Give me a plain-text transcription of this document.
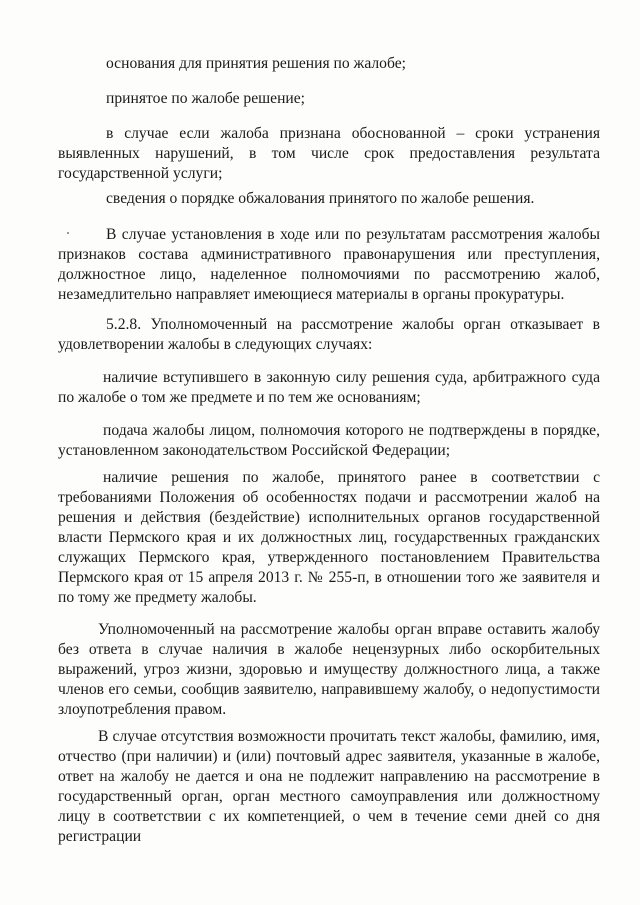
основания для принятия решения по жалобе;

принятое по жалобе решение;

в случае если жалоба признана обоснованной – сроки устранения выявленных нарушений, в том числе срок предоставления результата государственной услуги;

сведения о порядке обжалования принятого по жалобе решения.

В случае установления в ходе или по результатам рассмотрения жалобы признаков состава административного правонарушения или преступления, должностное лицо, наделенное полномочиями по рассмотрению жалоб, незамедлительно направляет имеющиеся материалы в органы прокуратуры.

5.2.8. Уполномоченный на рассмотрение жалобы орган отказывает в удовлетворении жалобы в следующих случаях:

наличие вступившего в законную силу решения суда, арбитражного суда по жалобе о том же предмете и по тем же основаниям;

подача жалобы лицом, полномочия которого не подтверждены в порядке, установленном законодательством Российской Федерации;

наличие решения по жалобе, принятого ранее в соответствии с требованиями Положения об особенностях подачи и рассмотрении жалоб на решения и действия (бездействие) исполнительных органов государственной власти Пермского края и их должностных лиц, государственных гражданских служащих Пермского края, утвержденного постановлением Правительства Пермского края от 15 апреля 2013 г. № 255-п, в отношении того же заявителя и по тому же предмету жалобы.

Уполномоченный на рассмотрение жалобы орган вправе оставить жалобу без ответа в случае наличия в жалобе нецензурных либо оскорбительных выражений, угроз жизни, здоровью и имуществу должностного лица, а также членов его семьи, сообщив заявителю, направившему жалобу, о недопустимости злоупотребления правом.

В случае отсутствия возможности прочитать текст жалобы, фамилию, имя, отчество (при наличии) и (или) почтовый адрес заявителя, указанные в жалобе, ответ на жалобу не дается и она не подлежит направлению на рассмотрение в государственный орган, орган местного самоуправления или должностному лицу в соответствии с их компетенцией, о чем в течение семи дней со дня регистрации
